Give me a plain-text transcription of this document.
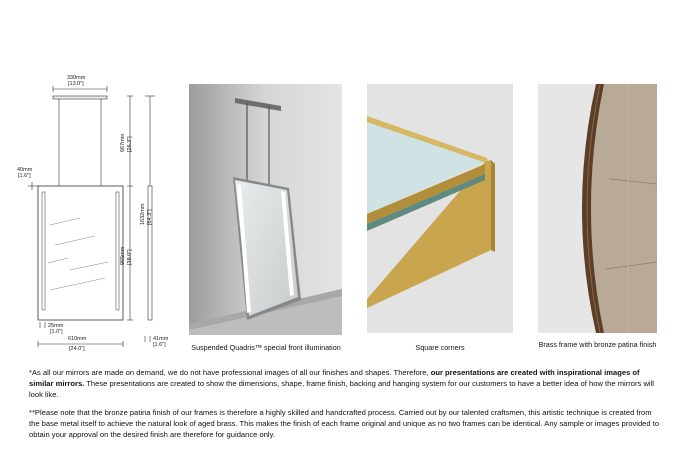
330mm
[13.0"]
40mm
[1.6"]
667mm [26.3"]
965mm [38.0"]
1632mm [64.3"]
25mm
[1.0"]
610mm
[24.0"]
41mm
[1.6"]	Suspended Quadris™ special front illumination	Square corners	Brass frame with bronze patina finish
*As all our mirrors are made on demand, we do not have professional images of all our finishes and shapes. Therefore, our presentations are created with inspirational images of similar mirrors. These presentations are created to show the dimensions, shape, frame finish, backing and hanging system for our customers to have a better idea of how the mirrors will look like.
**Please note that the bronze patina finish of our frames is therefore a highly skilled and handcrafted process. Carried out by our talented craftsmen, this artistic technique is created from the base metal itself to achieve the natural look of aged brass. This makes the finish of each frame original and unique as no two frames can be identical. Any sample or images provided to obtain your approval on the desired finish are therefore for guidance only.
